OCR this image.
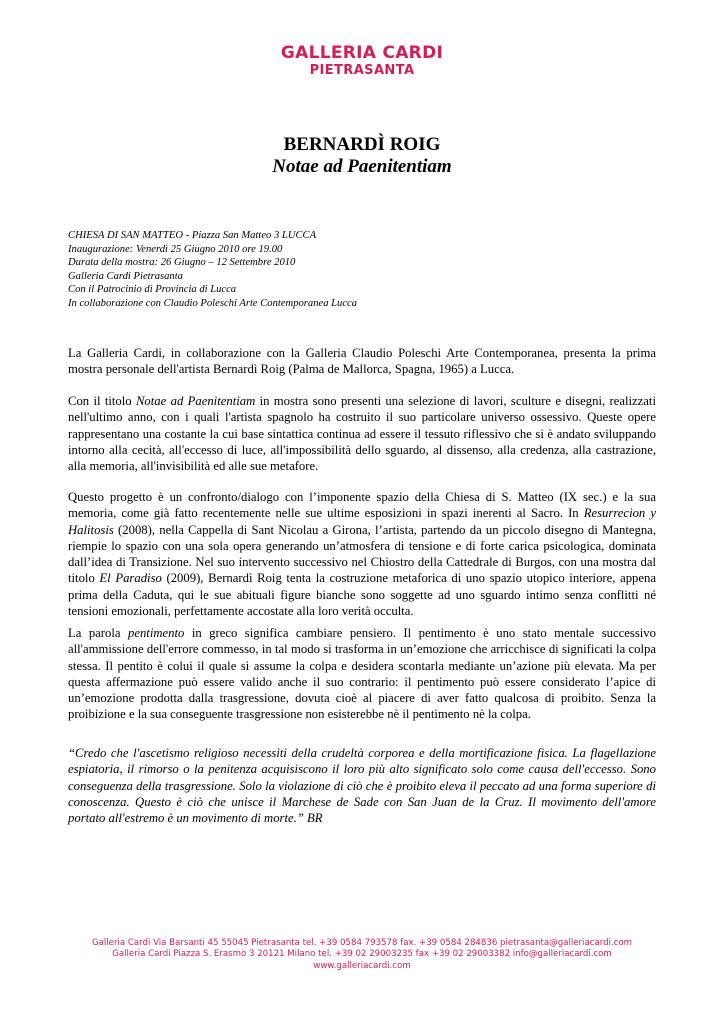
GALLERIA CARDI
PIETRASANTA
BERNARDÌ ROIG
Notae ad Paenitentiam
CHIESA DI SAN MATTEO - Piazza San Matteo 3 LUCCA
Inaugurazione: Venerdì 25 Giugno 2010 ore 19.00
Durata della mostra: 26 Giugno – 12 Settembre 2010
Galleria Cardi Pietrasanta
Con il Patrocinio di Provincia di Lucca
In collaborazione con Claudio Poleschi Arte Contemporanea Lucca

La Galleria Cardi, in collaborazione con la Galleria Claudio Poleschi Arte Contemporanea, presenta la prima mostra personale dell'artista Bernardì Roig (Palma de Mallorca, Spagna, 1965) a Lucca.

Con il titolo Notae ad Paenitentiam in mostra sono presenti una selezione di lavori, sculture e disegni, realizzati nell'ultimo anno, con i quali l'artista spagnolo ha costruito il suo particolare universo ossessivo. Queste opere rappresentano una costante la cui base sintattica continua ad essere il tessuto riflessivo che si è andato sviluppando intorno alla cecità, all'eccesso di luce, all'impossibilità dello sguardo, al dissenso, alla credenza, alla castrazione, alla memoria, all'invisibilità ed alle sue metafore.

Questo progetto è un confronto/dialogo con l’imponente spazio della Chiesa di S. Matteo (IX sec.) e la sua memoria, come già fatto recentemente nelle sue ultime esposizioni in spazi inerenti al Sacro. In Resurrecion y Halitosis (2008), nella Cappella di Sant Nicolau a Girona, l’artista, partendo da un piccolo disegno di Mantegna, riempie lo spazio con una sola opera generando un’atmosfera di tensione e di forte carica psicologica, dominata dall’idea di Transizione. Nel suo intervento successivo nel Chiostro della Cattedrale di Burgos, con una mostra dal titolo El Paradiso (2009), Bernardì Roig tenta la costruzione metaforica di uno spazio utopico interiore, appena prima della Caduta, qui le sue abituali figure bianche sono soggette ad uno sguardo intimo senza conflitti né tensioni emozionali, perfettamente accostate alla loro verità occulta.

La parola pentimento in greco significa cambiare pensiero. Il pentimento è uno stato mentale successivo all'ammissione dell'errore commesso, in tal modo si trasforma in un’emozione che arricchisce di significati la colpa stessa. Il pentito è colui il quale si assume la colpa e desidera scontarla mediante un’azione più elevata. Ma per questa affermazione può essere valido anche il suo contrario: il pentimento può essere considerato l’apice di un’emozione prodotta dalla trasgressione, dovuta cioè al piacere di aver fatto qualcosa di proibito. Senza la proibizione e la sua conseguente trasgressione non esisterebbe nè il pentimento nè la colpa.

“Credo che l'ascetismo religioso necessiti della crudeltà corporea e della mortificazione fisica. La flagellazione espiatoria, il rimorso o la penitenza acquisiscono il loro più alto significato solo come causa dell'eccesso. Sono conseguenza della trasgressione. Solo la violazione di ciò che è proibito eleva il peccato ad una forma superiore di conoscenza. Questo è ciò che unisce il Marchese de Sade con San Juan de la Cruz. Il movimento dell'amore portato all'estremo è un movimento di morte.” BR

Galleria Cardi Via Barsanti 45 55045 Pietrasanta tel. +39 0584 793578 fax. +39 0584 284836 pietrasanta@galleriacardi.com
Galleria Cardi Piazza S. Erasmo 3 20121 Milano tel. +39 02 29003235 fax +39 02 29003382 info@galleriacardi.com
www.galleriacardi.com
